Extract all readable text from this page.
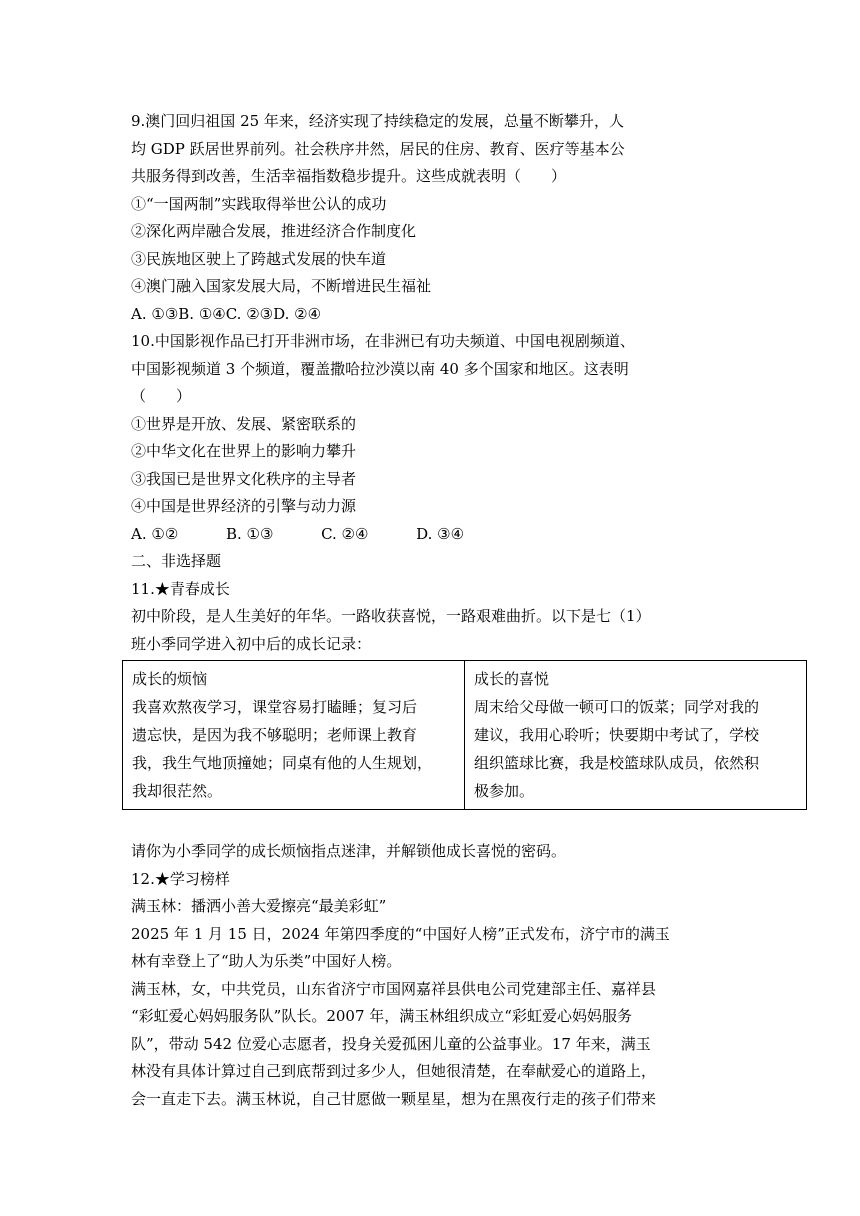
9.澳门回归祖国 25 年来，经济实现了持续稳定的发展，总量不断攀升，人
均 GDP 跃居世界前列。社会秩序井然，居民的住房、教育、医疗等基本公
共服务得到改善，生活幸福指数稳步提升。这些成就表明（　　）
①“一国两制”实践取得举世公认的成功
②深化两岸融合发展，推进经济合作制度化
③民族地区驶上了跨越式发展的快车道
④澳门融入国家发展大局，不断增进民生福祉
A. ①③B. ①④C. ②③D. ②④
10.中国影视作品已打开非洲市场，在非洲已有功夫频道、中国电视剧频道、
中国影视频道 3 个频道，覆盖撒哈拉沙漠以南 40 多个国家和地区。这表明
（　　）
①世界是开放、发展、紧密联系的
②中华文化在世界上的影响力攀升
③我国已是世界文化秩序的主导者
④中国是世界经济的引擎与动力源
A. ①②          B. ①③          C. ②④          D. ③④
二、非选择题
11.★青春成长
初中阶段，是人生美好的年华。一路收获喜悦，一路艰难曲折。以下是七（1）
班小季同学进入初中后的成长记录：
成长的烦恼
我喜欢熬夜学习，课堂容易打瞌睡；复习后
遗忘快，是因为我不够聪明；老师课上教育
我，我生气地顶撞她；同桌有他的人生规划，
我却很茫然。

成长的喜悦
周末给父母做一顿可口的饭菜；同学对我的
建议，我用心聆听；快要期中考试了，学校
组织篮球比赛，我是校篮球队成员，依然积
极参加。
请你为小季同学的成长烦恼指点迷津，并解锁他成长喜悦的密码。
12.★学习榜样
满玉林：播洒小善大爱擦亮“最美彩虹”
2025 年 1 月 15 日，2024 年第四季度的“中国好人榜”正式发布，济宁市的满玉
林有幸登上了“助人为乐类”中国好人榜。
满玉林，女，中共党员，山东省济宁市国网嘉祥县供电公司党建部主任、嘉祥县
“彩虹爱心妈妈服务队”队长。2007 年，满玉林组织成立“彩虹爱心妈妈服务
队”，带动 542 位爱心志愿者，投身关爱孤困儿童的公益事业。17 年来，满玉
林没有具体计算过自己到底帮到过多少人，但她很清楚，在奉献爱心的道路上，
会一直走下去。满玉林说，自己甘愿做一颗星星，想为在黑夜行走的孩子们带来
